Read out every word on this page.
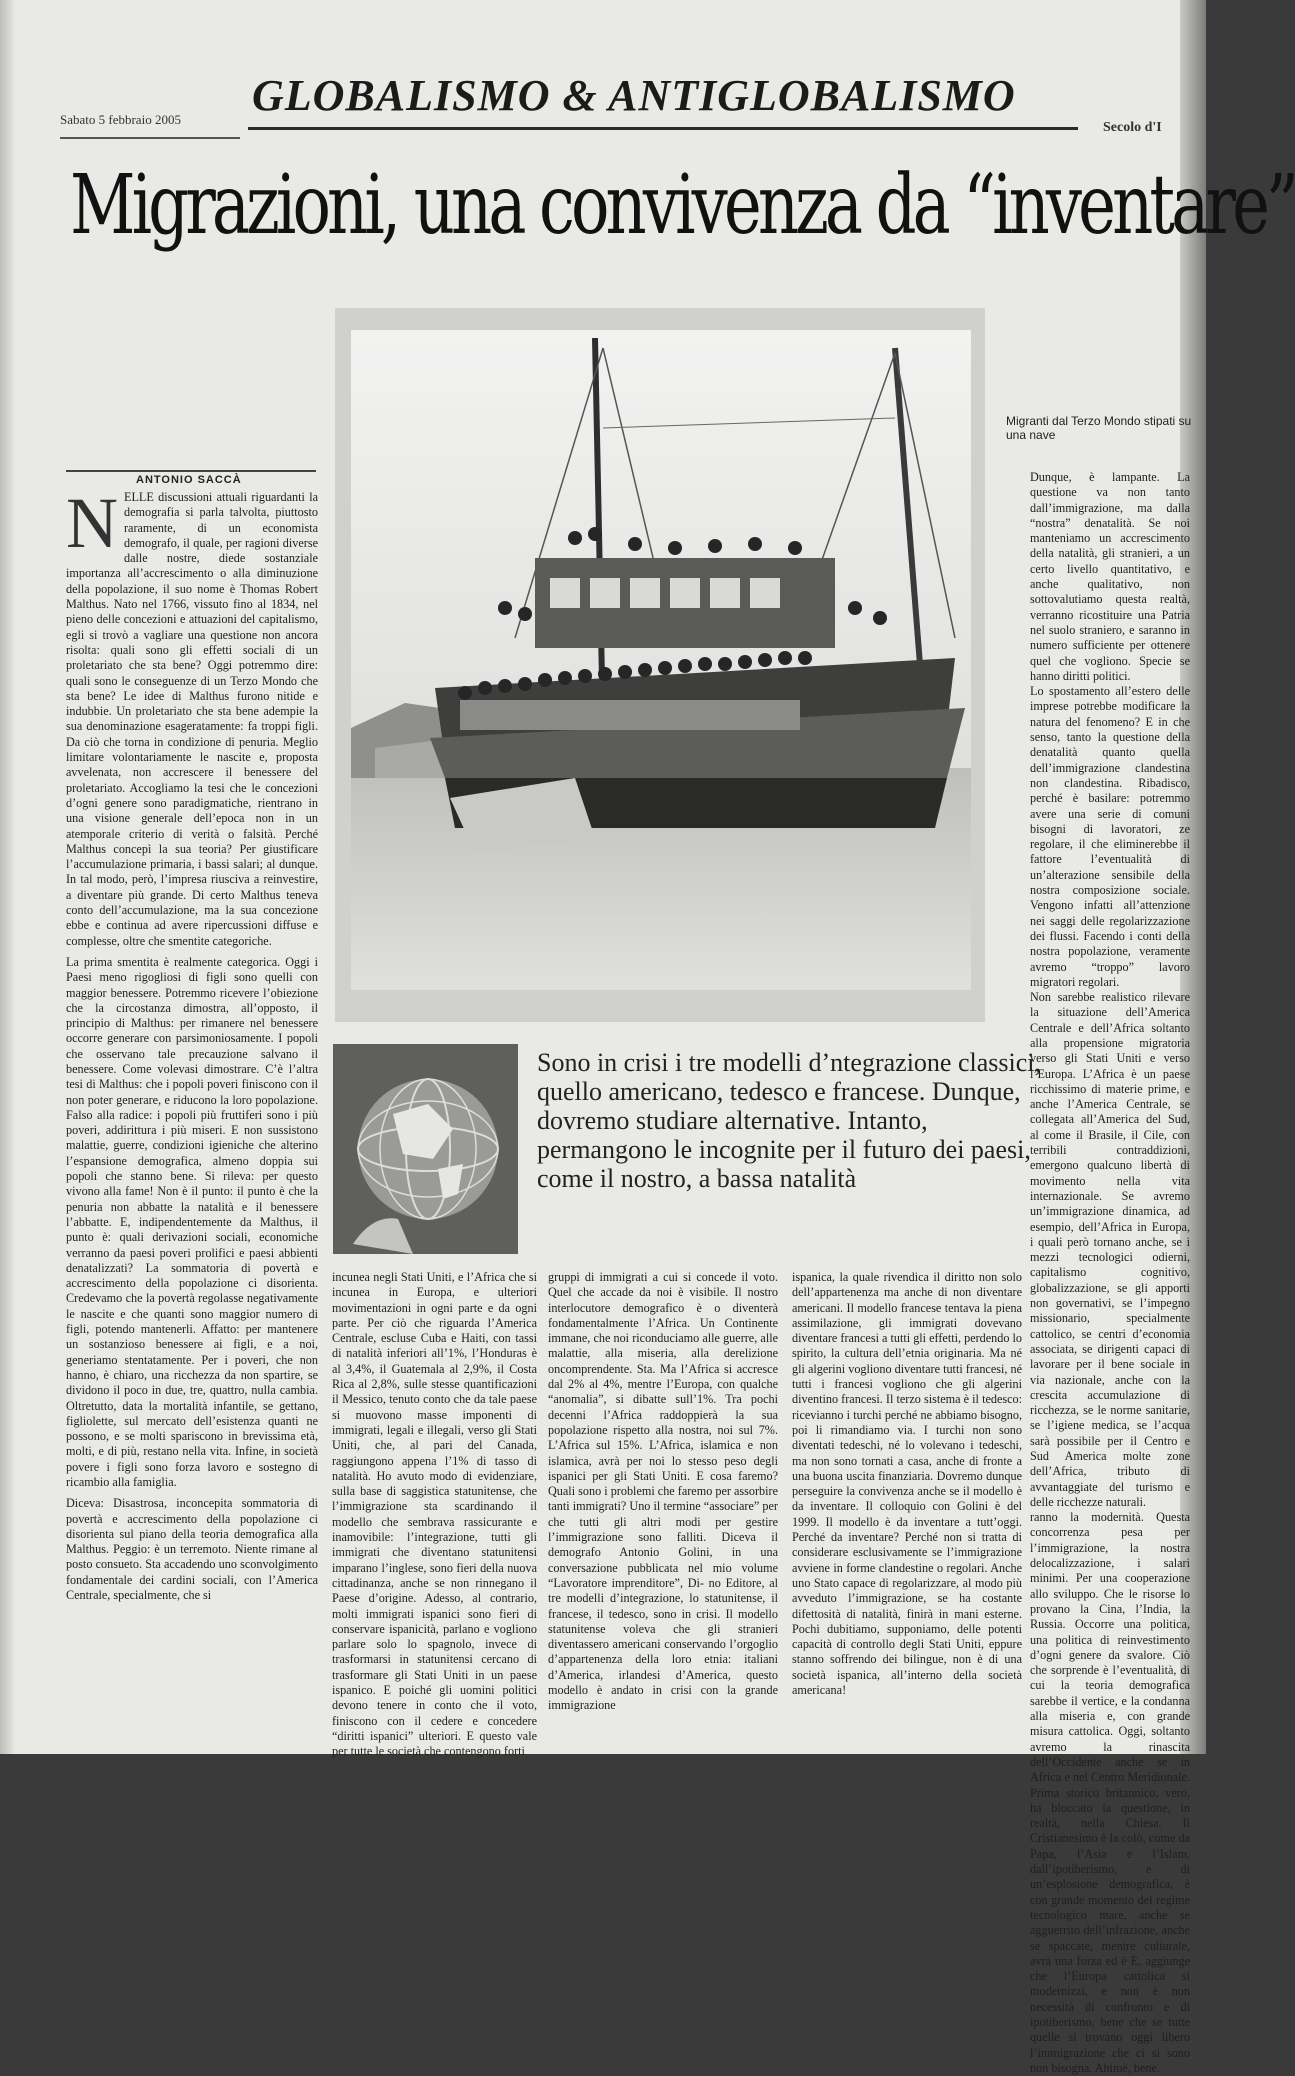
Sabato 5 febbraio 2005 GLOBALISMO & ANTIGLOBALISMO
Secolo d'I
Migrazioni, una convivenza da “inventare”
Migranti dal Terzo Mondo stipati su una nave
ANTONIO SACCÀ
N ELLE discussioni attuali riguardanti la demografia si parla talvolta, piuttosto raramente, di un economista demografo, il quale, per ragioni diverse dalle nostre, diede sostanziale importanza all’accrescimento o alla diminuzione della popolazione, il suo nome è Thomas Robert Malthus. Nato nel 1766, vissuto fino al 1834, nel pieno delle concezioni e attuazioni del capitalismo, egli si trovò a vagliare una questione non ancora risolta: quali sono gli effetti sociali di un proletariato che sta bene? Oggi potremmo dire: quali sono le conseguenze di un Terzo Mondo che sta bene? Le idee di Malthus furono nitide e indubbie. Un proletariato che sta bene adempie la sua denominazione esageratamente: fa troppi figli. Da ciò che torna in condizione di penuria. Meglio limitare volontariamente le nascite e, proposta avvelenata, non accrescere il benessere del proletariato. Accogliamo la tesi che le concezioni d’ogni genere sono paradigmatiche, rientrano in una visione generale dell’epoca non in un atemporale criterio di verità o falsità. Perché Malthus concepì la sua teoria? Per giustificare l’accumulazione primaria, i bassi salari; al dunque. In tal modo, però, l’impresa riusciva a reinvestire, a diventare più grande. Di certo Malthus teneva conto dell’accumulazione, ma la sua concezione ebbe e continua ad avere ripercussioni diffuse e complesse, oltre che smentite categoriche.
La prima smentita è realmente categorica. Oggi i Paesi meno rigogliosi di figli sono quelli con maggior benessere. Potremmo ricevere l’obiezione che la circostanza dimostra, all’opposto, il principio di Malthus: per rimanere nel benessere occorre generare con parsimoniosamente. I popoli che osservano tale precauzione salvano il benessere. Come volevasi dimostrare. C’è l’altra tesi di Malthus: che i popoli poveri finiscono con il non poter generare, e riducono la loro popolazione. Falso alla radice: i popoli più fruttiferi sono i più poveri, addirittura i più miseri. E non sussistono malattie, guerre, condizioni igieniche che alterino l’espansione demografica, almeno doppia sui popoli che stanno bene. Si rileva: per questo vivono alla fame! Non è il punto: il punto è che la penuria non abbatte la natalità e il benessere l’abbatte. E, indipendentemente da Malthus, il punto è: quali derivazioni sociali, economiche verranno da paesi poveri prolifici e paesi abbienti denatalizzati? La sommatoria di povertà e accrescimento della popolazione ci disorienta. Credevamo che la povertà regolasse negativamente le nascite e che quanti sono maggior numero di figli, potendo mantenerli. Affatto: per mantenere un sostanzioso benessere ai figli, e a noi, generiamo stentatamente. Per i poveri, che non hanno, è chiaro, una ricchezza da non spartire, se dividono il poco in due, tre, quattro, nulla cambia. Oltretutto, data la mortalità infantile, se gettano, figliolette, sul mercato dell’esistenza quanti ne possono, e se molti spariscono in brevissima età, molti, e di più, restano nella vita. Infine, in società povere i figli sono forza lavoro e sostegno di ricambio alla famiglia.
Diceva: Disastrosa, inconcepita sommatoria di povertà e accrescimento della popolazione ci disorienta sul piano della teoria demografica alla Malthus. Peggio: è un terremoto. Niente rimane al posto consueto. Sta accadendo uno sconvolgimento fondamentale dei cardini sociali, con l’America Centrale, specialmente, che si
Sono in crisi i tre modelli d’ntegrazione classici, quello americano, tedesco e francese. Dunque, dovremo studiare alternative. Intanto, permangono le incognite per il futuro dei paesi, come il nostro, a bassa natalità
incunea negli Stati Uniti, e l’Africa che si incunea in Europa, e ulteriori movimentazioni in ogni parte e da ogni parte. Per ciò che riguarda l’America Centrale, escluse Cuba e Haiti, con tassi di natalità inferiori all’1%, l’Honduras è al 3,4%, il Guatemala al 2,9%, il Costa Rica al 2,8%, sulle stesse quantificazioni il Messico, tenuto conto che da tale paese si muovono masse imponenti di immigrati, legali e illegali, verso gli Stati Uniti, che, al pari del Canada, raggiungono appena l’1% di tasso di natalità. Ho avuto modo di evidenziare, sulla base di saggistica statunitense, che l’immigrazione sta scardinando il modello che sembrava rassicurante e inamovibile: l’integrazione, tutti gli immigrati che diventano statunitensi imparano l’inglese, sono fieri della nuova cittadinanza, anche se non rinnegano il Paese d’origine. Adesso, al contrario, molti immigrati ispanici sono fieri di conservare ispanicità, parlano e vogliono parlare solo lo spagnolo, invece di trasformarsi in statunitensi cercano di trasformare gli Stati Uniti in un paese ispanico. E poiché gli uomini politici devono tenere in conto che il voto, finiscono con il cedere e concedere “diritti ispanici” ulteriori. E questo vale per tutte le società che contengono forti
ispanica, la quale rivendica il diritto non solo dell’appartenenza ma anche di non diventare americani. Il modello francese tentava la piena assimilazione, gli immigrati dovevano diventare francesi a tutti gli effetti, perdendo lo spirito, la cultura dell’etnia originaria. Ma né gli algerini vogliono diventare tutti francesi, né tutti i francesi vogliono che gli algerini diventino francesi. Il terzo sistema è il tedesco: ricevianno i turchi perché ne abbiamo bisogno, poi li rimandiamo via. I turchi non sono diventati tedeschi, né lo volevano i tedeschi, ma non sono tornati a casa, anche di fronte a una buona uscita finanziaria. Dovremo dunque perseguire la convivenza anche se il modello è da inventare. Il colloquio con Golini è del 1999. Il modello è da inventare a tutt’oggi. Perché da inventare? Perché non si tratta di considerare esclusivamente se l’immigrazione avviene in forme clandestine o regolari. Anche uno Stato capace di regolarizzare, al modo più avveduto l’immigrazione, se ha costante difettosità di natalità, finirà in mani esterne. Pochi dubitiamo, supponiamo, delle potenti capacità di controllo degli Stati Uniti, eppure stanno soffrendo dei bilingue, non è di una società ispanica, all’interno della società americana!
Dunque, è lampante. La questione va non tanto dall’immigrazione, ma dalla “nostra” denatalità. Se noi manteniamo un accrescimento della natalità, gli stranieri, a un certo livello quantitativo, e anche qualitativo, non sottovalutiamo questa realtà, verranno ricostituire una Patria nel suolo straniero, e saranno in numero sufficiente per ottenere quel che vogliono. Specie se hanno diritti politici.
Lo spostamento all’estero delle imprese potrebbe modificare la natura del fenomeno? E in che senso, tanto la questione della denatalità quanto quella dell’immigrazione clandestina non clandestina. Ribadisco, perché è basilare: potremmo avere una serie di comuni bisogni di lavoratori, ze regolare, il che eliminerebbe il fattore l’eventualità di un’alterazione sensibile della nostra composizione sociale. Vengono infatti all’attenzione nei saggi delle regolarizzazione dei flussi. Facendo i conti della nostra popolazione, veramente avremo “troppo” lavoro migratori regolari.
Non sarebbe realistico rilevare la situazione dell’America Centrale e dell’Africa soltanto alla propensione migratoria verso gli Stati Uniti e verso l’Europa. L’Africa è un paese ricchissimo di materie prime, e anche l’America Centrale, se collegata all’America del Sud, al come il Brasile, il Cile, con terribili contraddizioni, emergono qualcuno libertà di movimento nella vita internazionale. Se avremo un’immigrazione dinamica, ad esempio, dell’Africa in Europa, i quali però tornano anche, se i mezzi tecnologici odierni, capitalismo cognitivo, globalizzazione, se gli apporti non governativi, se l’impegno missionario, specialmente cattolico, se centri d’economia associata, se dirigenti capaci di lavorare per il bene sociale in via nazionale, anche con la crescita accumulazione di ricchezza, se le norme sanitarie, se l’igiene medica, se l’acqua sarà possibile per il Centro e Sud America molte zone dell’Africa, tributo di avvantaggiate del turismo e delle ricchezze naturali.
ranno la modernità. Questa concorrenza pesa per l’immigrazione, la nostra delocalizzazione, i salari minimi. Per una cooperazione allo sviluppo. Che le risorse lo provano la Cina, l’India, la Russia. Occorre una politica, una politica di reinvestimento d’ogni genere da svalore. Ciò che sorprende è l’eventualità, di cui la teoria demografica sarebbe il vertice, e la condanna alla miseria e, con grande misura cattolica. Oggi, soltanto avremo la rinascita dell’Occidente anche se in Africa e nel Centro Meridionale. Prima storico britannico, vero, ha bloccato la questione, in realtà, nella Chiesa. Il Cristianesimo è la colò, come da Papa, l’Asia e l’Islam, dall’ipotiberismo, e di un’esplosione demografica, è con grande momento del regime tecnologico mare, anche se agguerrito dell’infrazione, anche se spaccate, mentre culturale, avrà una forza ed è E, aggiunge che l’Europa cattolica si modernizzi, e non è non necessità di confronto e di ipotiberismo, bene che se tutte quelle si trovano oggi libero l’immigrazione che ci si sono non bisogna. Ahimè, bene.
gruppi di immigrati a cui si concede il voto. Quel che accade da noi è visibile. Il nostro interlocutore demografico è o diventerà fondamentalmente l’Africa. Un Continente immane, che noi riconduciamo alle guerre, alle malattie, alla miseria, alla derelizione oncomprendente. Sta. Ma l’Africa si accresce dal 2% al 4%, mentre l’Europa, con qualche “anomalia”, si dibatte sull’1%. Tra pochi decenni l’Africa raddoppierà la sua popolazione rispetto alla nostra, noi sul 7%. L’Africa sul 15%. L’Africa, islamica e non islamica, avrà per noi lo stesso peso degli ispanici per gli Stati Uniti. E cosa faremo? Quali sono i problemi che faremo per assorbire tanti immigrati? Uno il termine “associare” per che tutti gli altri modi per gestire l’immigrazione sono falliti. Diceva il demografo Antonio Golini, in una conversazione pubblicata nel mio volume “Lavoratore imprenditore”, Di- no Editore, al tre modelli d’integrazione, lo statunitense, il francese, il tedesco, sono in crisi. Il modello statunitense voleva che gli stranieri diventassero americani conservando l’orgoglio d’appartenenza della loro etnia: italiani d’America, irlandesi d’America, questo modello è andato in crisi con la grande immigrazione
